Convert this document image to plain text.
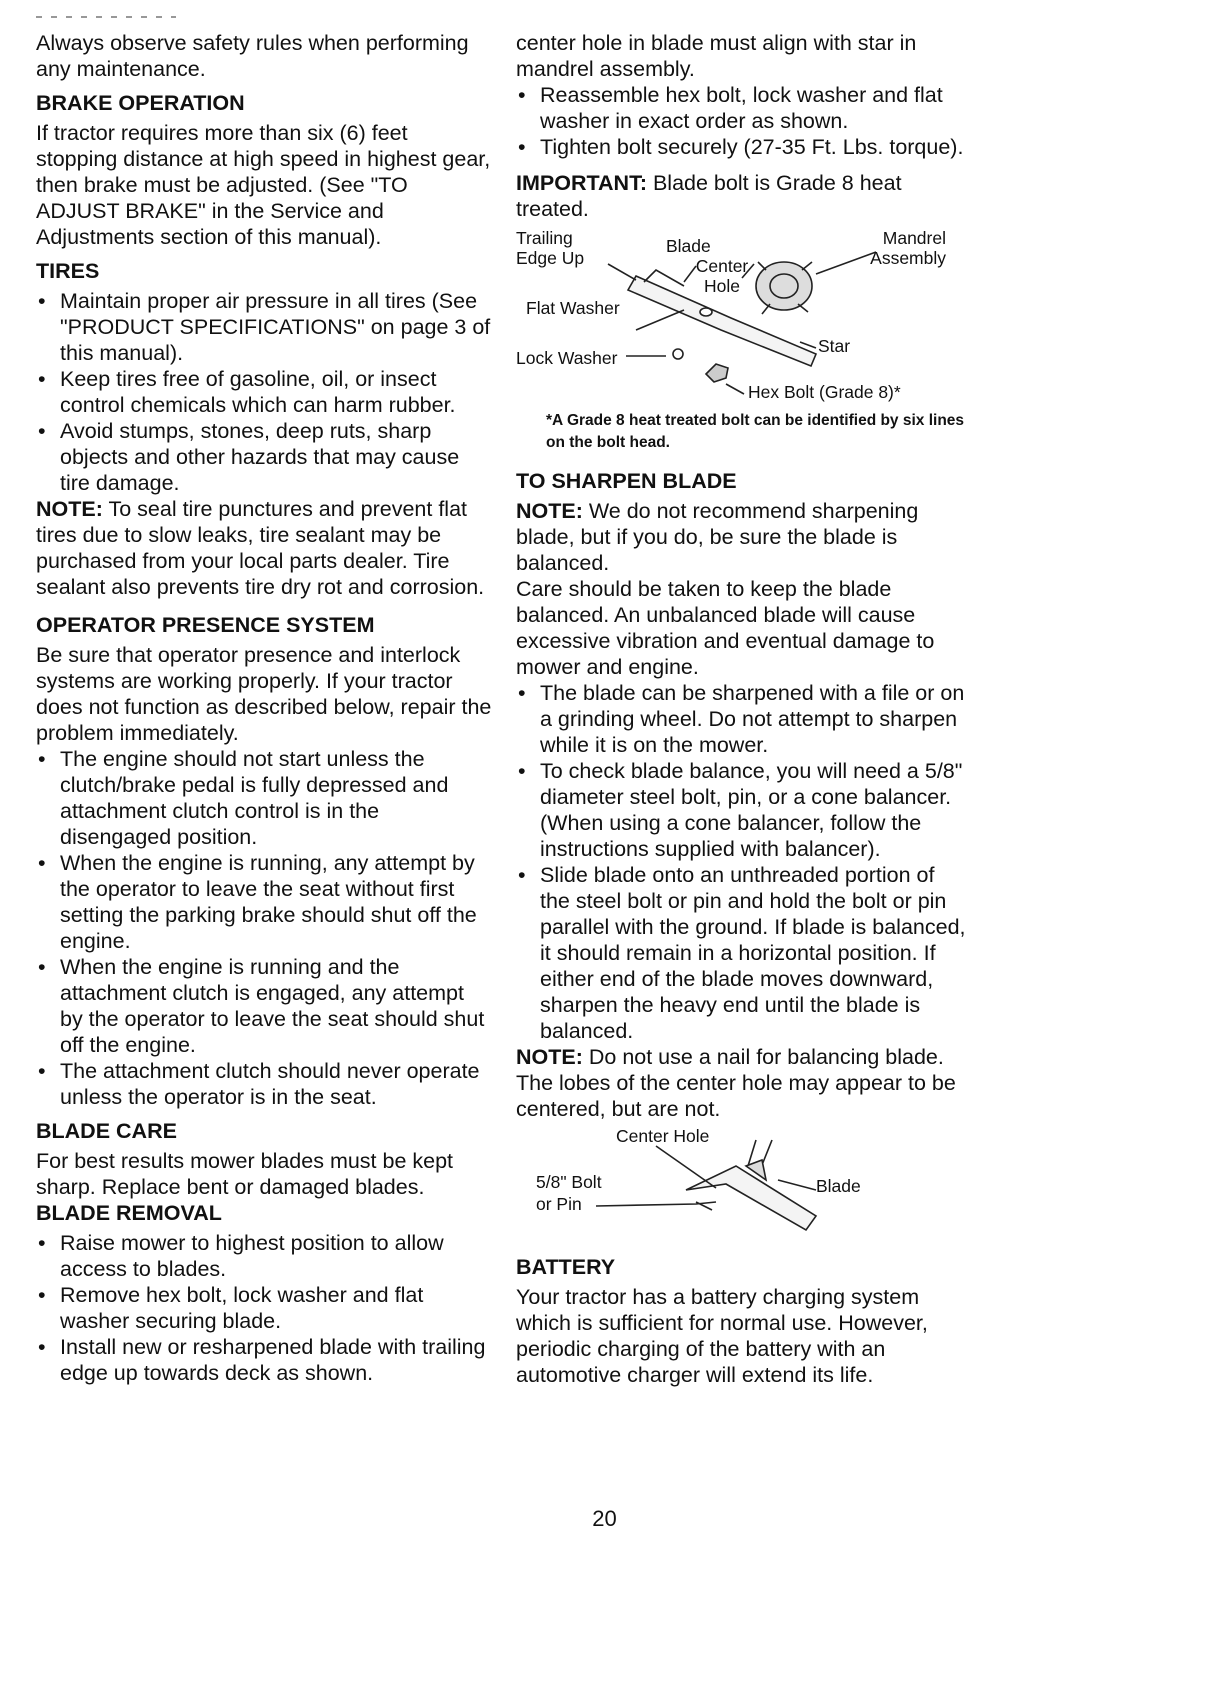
Always observe safety rules when performing any maintenance.

BRAKE OPERATION

If tractor requires more than six (6) feet stopping distance at high speed in highest gear, then brake must be adjusted. (See "TO ADJUST BRAKE" in the Service and Adjustments section of this manual).

TIRES
• Maintain proper air pressure in all tires (See "PRODUCT SPECIFICATIONS" on page 3 of this manual).
• Keep tires free of gasoline, oil, or insect control chemicals which can harm rubber.
• Avoid stumps, stones, deep ruts, sharp objects and other hazards that may cause tire damage.

NOTE: To seal tire punctures and prevent flat tires due to slow leaks, tire sealant may be purchased from your local parts dealer. Tire sealant also prevents tire dry rot and corrosion.

OPERATOR PRESENCE SYSTEM

Be sure that operator presence and interlock systems are working properly. If your tractor does not function as described below, repair the problem immediately.

• The engine should not start unless the clutch/brake pedal is fully depressed and attachment clutch control is in the disengaged position.
• When the engine is running, any attempt by the operator to leave the seat without first setting the parking brake should shut off the engine.
• When the engine is running and the attachment clutch is engaged, any attempt by the operator to leave the seat should shut off the engine.
• The attachment clutch should never operate unless the operator is in the seat.
BLADE CARE

For best results mower blades must be kept sharp. Replace bent or damaged blades.

BLADE REMOVAL
• Raise mower to highest position to allow access to blades.
• Remove hex bolt, lock washer and flat washer securing blade.
• Install new or resharpened blade with trailing edge up towards deck as shown.

center hole in blade must align with star in mandrel assembly.

• Reassemble hex bolt, lock washer and flat washer in exact order as shown.
• Tighten bolt securely (27-35 Ft. Lbs. torque).

IMPORTANT: Blade bolt is Grade 8 heat treated.

Trailing Edge Up
Blade
Center Hole
Mandrel Assembly
Flat Washer
Lock Washer
Star
Hex Bolt (Grade 8)*

*A Grade 8 heat treated bolt can be identified by six lines on the bolt head.

TO SHARPEN BLADE

NOTE: We do not recommend sharpening blade, but if you do, be sure the blade is balanced.

Care should be taken to keep the blade balanced. An unbalanced blade will cause excessive vibration and eventual damage to mower and engine.

• The blade can be sharpened with a file or on a grinding wheel. Do not attempt to sharpen while it is on the mower.
• To check blade balance, you will need a 5/8" diameter steel bolt, pin, or a cone balancer. (When using a cone balancer, follow the instructions supplied with balancer).
• Slide blade onto an unthreaded portion of the steel bolt or pin and hold the bolt or pin parallel with the ground. If blade is balanced, it should remain in a horizontal position. If either end of the blade moves downward, sharpen the heavy end until the blade is balanced.

NOTE: Do not use a nail for balancing blade. The lobes of the center hole may appear to be centered, but are not.

Center Hole
5/8" Bolt
or Pin
Blade
BATTERY

Your tractor has a battery charging system which is sufficient for normal use. However, periodic charging of the battery with an automotive charger will extend its life.

20
